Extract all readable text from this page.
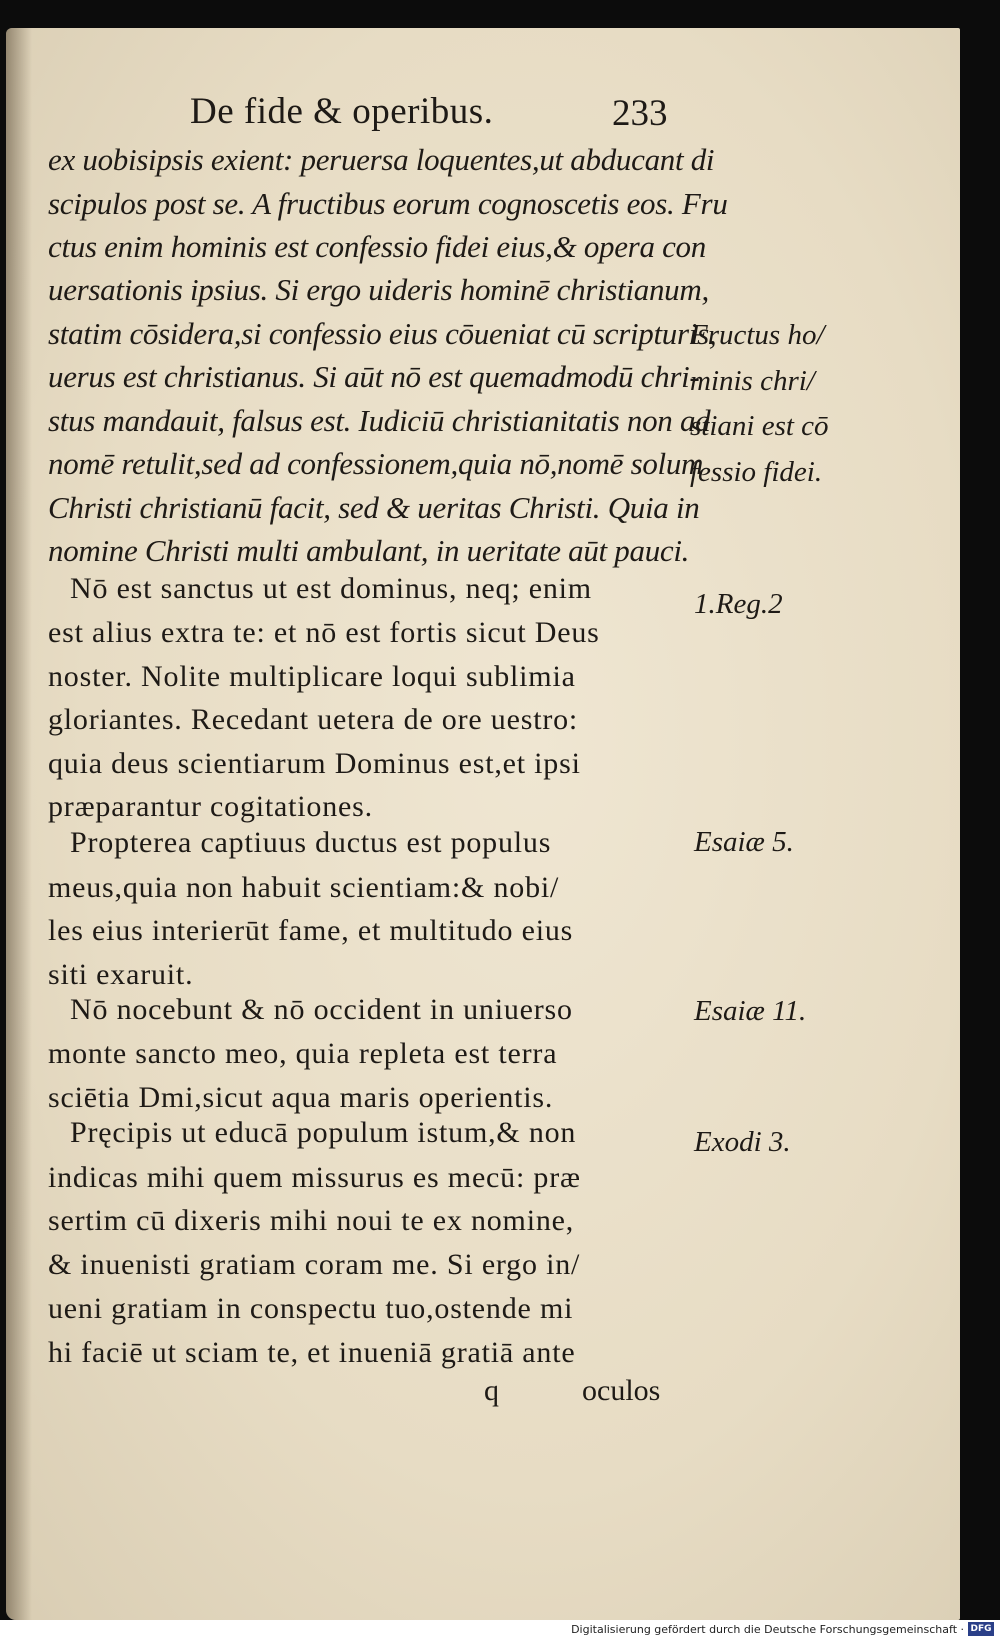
De fide & operibus.	233
ex uobisipsis exient: peruersa loquentes,ut abducant di
scipulos post se. A fructibus eorum cognoscetis eos. Fru
ctus enim hominis est confessio fidei eius,& opera con
uersationis ipsius. Si ergo uideris hominē christianum,
statim cōsidera,si confessio eius cōueniat cū scripturis,
uerus est christianus. Si aūt nō est quemadmodū chri-
stus mandauit, falsus est. Iudiciū christianitatis non ad
nomē retulit,sed ad confessionem,quia nō,nomē solum
Christi christianū facit, sed & ueritas Christi. Quia in
nomine Christi multi ambulant, in ueritate aūt pauci.
Fructus ho/
minis chri/
stiani est cō
fessio fidei.
Nō est sanctus ut est dominus, neq; enim
est alius extra te: et nō est fortis sicut Deus
noster. Nolite multiplicare loqui sublimia
gloriantes. Recedant uetera de ore uestro:
quia deus scientiarum Dominus est,et ipsi
præparantur cogitationes.
1.Reg.2
Propterea captiuus ductus est populus
meus,quia non habuit scientiam:& nobi/
les eius interierūt fame, et multitudo eius
siti exaruit.
Esaiæ 5.
Nō nocebunt & nō occident in uniuerso
monte sancto meo, quia repleta est terra
sciētia Dmi,sicut aqua maris operientis.
Esaiæ 11.
Pręcipis ut educā populum istum,& non
indicas mihi quem missurus es mecū: præ
sertim cū dixeris mihi noui te ex nomine,
& inuenisti gratiam coram me. Si ergo in/
ueni gratiam in conspectu tuo,ostende mi
hi faciē ut sciam te, et inueniā gratiā ante
Exodi 3.
q	oculos
Digitalisierung gefördert durch die Deutsche Forschungsgemeinschaft · DFG
